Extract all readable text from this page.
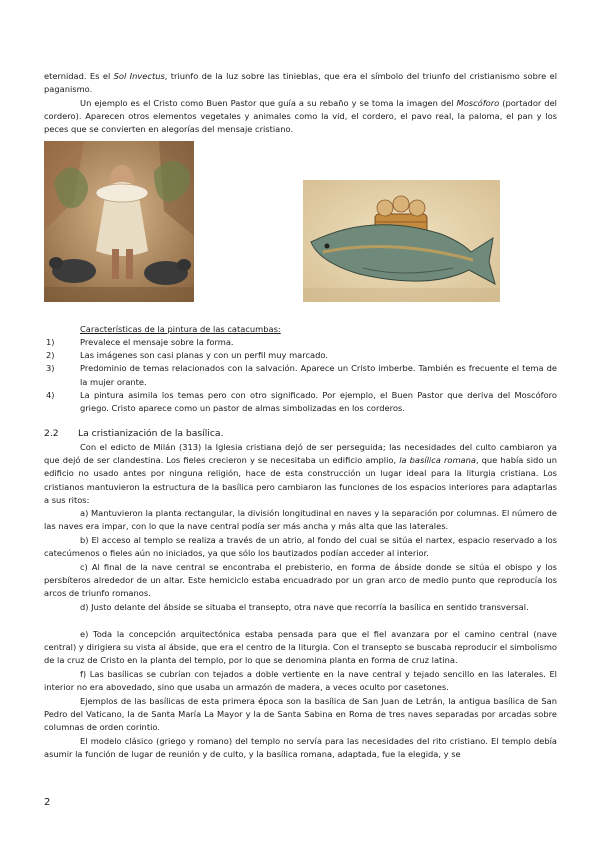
eternidad. Es el Sol Invectus, triunfo de la luz sobre las tinieblas, que era el símbolo del triunfo del cristianismo sobre el paganismo.

Un ejemplo es el Cristo como Buen Pastor que guía a su rebaño y se toma la imagen del Moscóforo (portador del cordero). Aparecen otros elementos vegetales y animales como la vid, el cordero, el pavo real, la paloma, el pan y los peces que se convierten en alegorías del mensaje cristiano.

Características de la pintura de las catacumbas:
1)	Prevalece el mensaje sobre la forma.
2)	Las imágenes son casi planas y con un perfil muy marcado.
3)	Predominio de temas relacionados con la salvación. Aparece un Cristo imberbe. También es frecuente el tema de la mujer orante.
4)	La pintura asimila los temas pero con otro significado. Por ejemplo, el Buen Pastor que deriva del Moscóforo griego. Cristo aparece como un pastor de almas simbolizadas en los corderos.
2.2 La cristianización de la basílica.

Con el edicto de Milán (313) la Iglesia cristiana dejó de ser perseguida; las necesidades del culto cambiaron ya que dejó de ser clandestina. Los fieles crecieron y se necesitaba un edificio amplio, la basílica romana, que había sido un edificio no usado antes por ninguna religión, hace de esta construcción un lugar ideal para la liturgia cristiana. Los cristianos mantuvieron la estructura de la basílica pero cambiaron las funciones de los espacios interiores para adaptarlas a sus ritos:

a) Mantuvieron la planta rectangular, la división longitudinal en naves y la separación por columnas. El número de las naves era impar, con lo que la nave central podía ser más ancha y más alta que las laterales.

b) El acceso al templo se realiza a través de un atrio, al fondo del cual se sitúa el nartex, espacio reservado a los catecúmenos o fieles aún no iniciados, ya que sólo los bautizados podían acceder al interior.

c) Al final de la nave central se encontraba el prebisterio, en forma de ábside donde se sitúa el obispo y los persbíteros alrededor de un altar. Este hemiciclo estaba encuadrado por un gran arco de medio punto que reproducía los arcos de triunfo romanos.

d) Justo delante del ábside se situaba el transepto, otra nave que recorría la basílica en sentido transversal.

e) Toda la concepción arquitectónica estaba pensada para que el fiel avanzara por el camino central (nave central) y dirigiera su vista al ábside, que era el centro de la liturgia. Con el transepto se buscaba reproducir el simbolismo de la cruz de Cristo en la planta del templo, por lo que se denomina planta en forma de cruz latina.

f) Las basílicas se cubrían con tejados a doble vertiente en la nave central y tejado sencillo en las laterales. El interior no era abovedado, sino que usaba un armazón de madera, a veces oculto por casetones.

Ejemplos de las basílicas de esta primera época son la basílica de San Juan de Letrán, la antigua basílica de San Pedro del Vaticano, la de Santa María La Mayor y la de Santa Sabina en Roma de tres naves separadas por arcadas sobre columnas de orden corintio.

El modelo clásico (griego y romano) del templo no servía para las necesidades del rito cristiano. El templo debía asumir la función de lugar de reunión y de culto, y la basílica romana, adaptada, fue la elegida, y se

2
